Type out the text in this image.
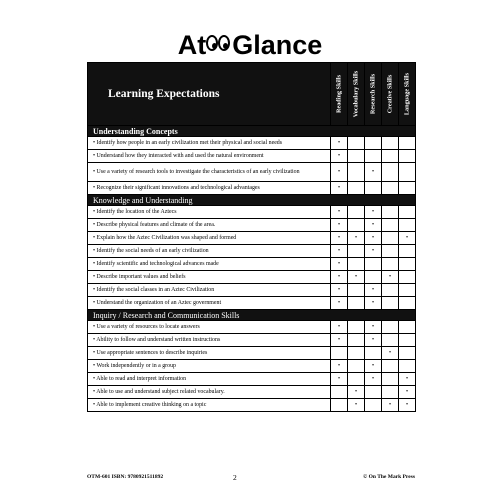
At Glance
Learning Expectations	Reading Skills	Vocabulary Skills	Research Skills	Creative Skills	Language Skills

Understanding Concepts					
• Identify how people in an early civilization met their physical and social needs	•				
• Understand how they interacted with and used the natural environment	•				
• Use a variety of research tools to investigate the characteristics of an early civilization	•		•		
• Recognize their significant innovations and technological advantages	•				
Knowledge and Understanding					
• Identify the location of the Aztecs	•		•		
• Describe physical features and climate of the area.	•		•		
• Explain how the Aztec Civilization was shaped and formed	•	•	•		•
• Identify the social needs of an early civilization	•		•		
• Identify scientific and technological advances made	•				
• Describe important values and beliefs	•	•		•	
• Identify the social classes in an Aztec Civilization	•		•		
• Understand the organization of an Aztec government	•		•		
Inquiry / Research and Communication Skills					
• Use a variety of resources to locate answers	•		•		
• Ability to follow and understand written instructions	•		•		
• Use appropriate sentences to describe inquiries				•	
• Work independently or in a group	•		•		
• Able to read and interpret information	•		•		•
• Able to use and understand subject related vocabulary.		•			•
• Able to implement creative thinking on a topic		•		•	•
OTM-601 ISBN: 9780921511892	2	© On The Mark Press
